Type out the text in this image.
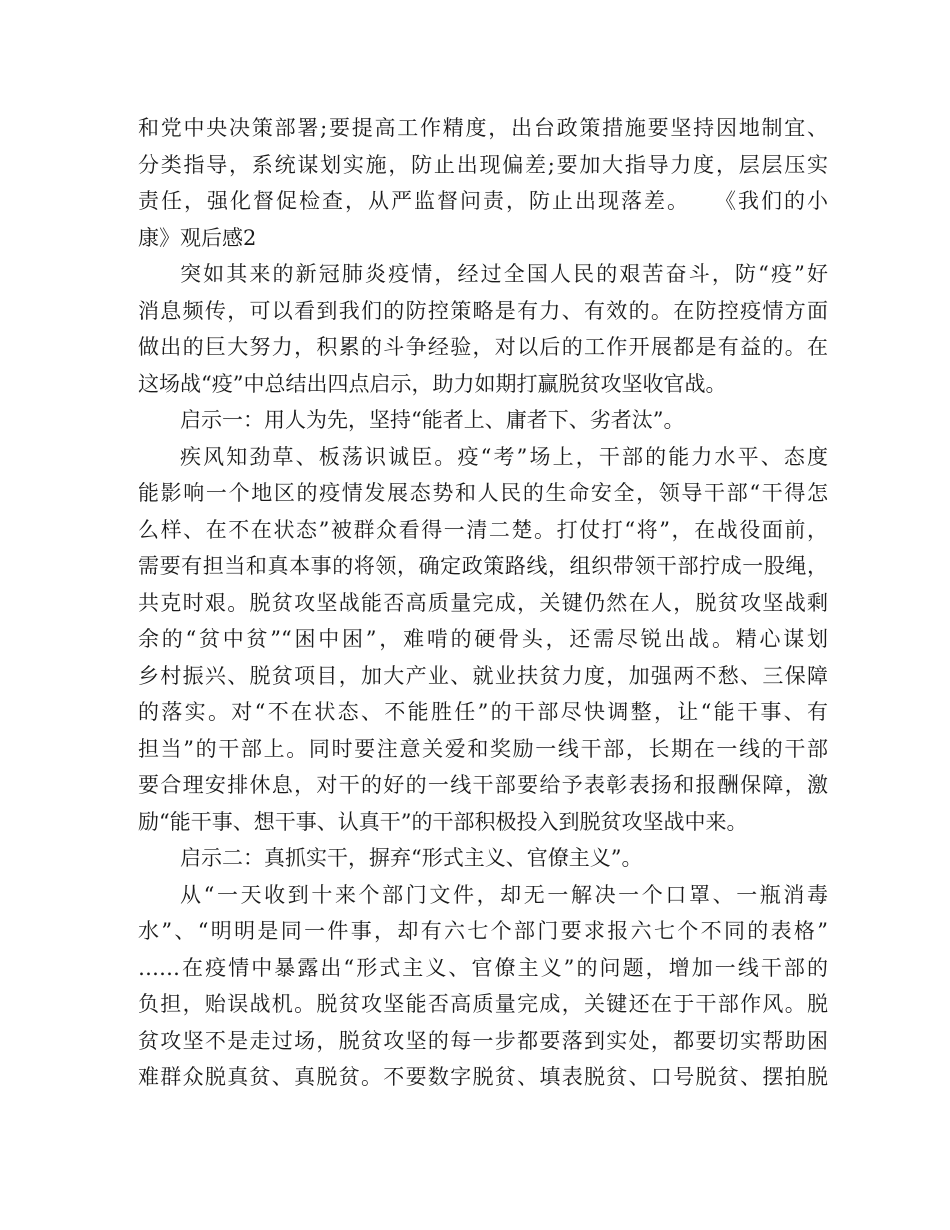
和党中央决策部署;要提高工作精度，出台政策措施要坚持因地制宜、
分类指导，系统谋划实施，防止出现偏差;要加大指导力度，层层压实
责任，强化督促检查，从严监督问责，防止出现落差。　　《我们的小
康》观后感2
突如其来的新冠肺炎疫情，经过全国人民的艰苦奋斗，防“疫”好
消息频传，可以看到我们的防控策略是有力、有效的。在防控疫情方面
做出的巨大努力，积累的斗争经验，对以后的工作开展都是有益的。在
这场战“疫”中总结出四点启示，助力如期打赢脱贫攻坚收官战。
启示一：用人为先，坚持“能者上、庸者下、劣者汰”。
疾风知劲草、板荡识诚臣。疫“考”场上，干部的能力水平、态度
能影响一个地区的疫情发展态势和人民的生命安全，领导干部“干得怎
么样、在不在状态”被群众看得一清二楚。打仗打“将”，在战役面前，
需要有担当和真本事的将领，确定政策路线，组织带领干部拧成一股绳，
共克时艰。脱贫攻坚战能否高质量完成，关键仍然在人，脱贫攻坚战剩
余的“贫中贫”“困中困”，难啃的硬骨头，还需尽锐出战。精心谋划
乡村振兴、脱贫项目，加大产业、就业扶贫力度，加强两不愁、三保障
的落实。对“不在状态、不能胜任”的干部尽快调整，让“能干事、有
担当”的干部上。同时要注意关爱和奖励一线干部，长期在一线的干部
要合理安排休息，对干的好的一线干部要给予表彰表扬和报酬保障，激
励“能干事、想干事、认真干”的干部积极投入到脱贫攻坚战中来。
启示二：真抓实干，摒弃“形式主义、官僚主义”。
从“一天收到十来个部门文件，却无一解决一个口罩、一瓶消毒
水”、“明明是同一件事，却有六七个部门要求报六七个不同的表格”
……在疫情中暴露出“形式主义、官僚主义”的问题，增加一线干部的
负担，贻误战机。脱贫攻坚能否高质量完成，关键还在于干部作风。脱
贫攻坚不是走过场，脱贫攻坚的每一步都要落到实处，都要切实帮助困
难群众脱真贫、真脱贫。不要数字脱贫、填表脱贫、口号脱贫、摆拍脱
